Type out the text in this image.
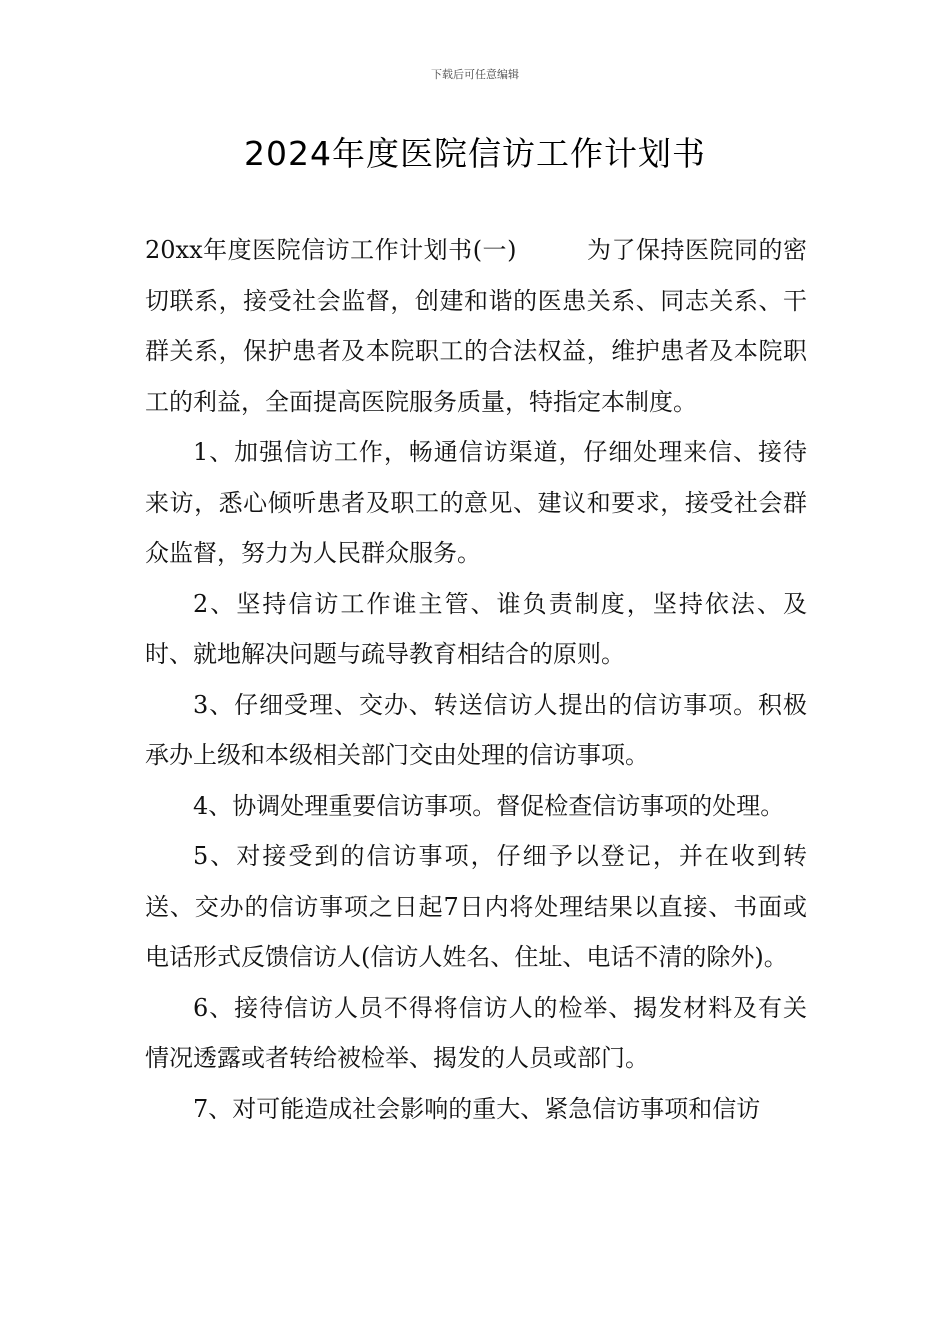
下载后可任意编辑
2024年度医院信访工作计划书

20xx年度医院信访工作计划书(一)	为了保持医院同的密切联系，接受社会监督，创建和谐的医患关系、同志关系、干群关系，保护患者及本院职工的合法权益，维护患者及本院职工的利益，全面提高医院服务质量，特指定本制度。

1、加强信访工作，畅通信访渠道，仔细处理来信、接待来访，悉心倾听患者及职工的意见、建议和要求，接受社会群众监督，努力为人民群众服务。

2、坚持信访工作谁主管、谁负责制度，坚持依法、及时、就地解决问题与疏导教育相结合的原则。

3、仔细受理、交办、转送信访人提出的信访事项。积极承办上级和本级相关部门交由处理的信访事项。

4、协调处理重要信访事项。督促检查信访事项的处理。

5、对接受到的信访事项，仔细予以登记，并在收到转送、交办的信访事项之日起7日内将处理结果以直接、书面或电话形式反馈信访人(信访人姓名、住址、电话不清的除外)。

6、接待信访人员不得将信访人的检举、揭发材料及有关情况透露或者转给被检举、揭发的人员或部门。

7、对可能造成社会影响的重大、紧急信访事项和信访
